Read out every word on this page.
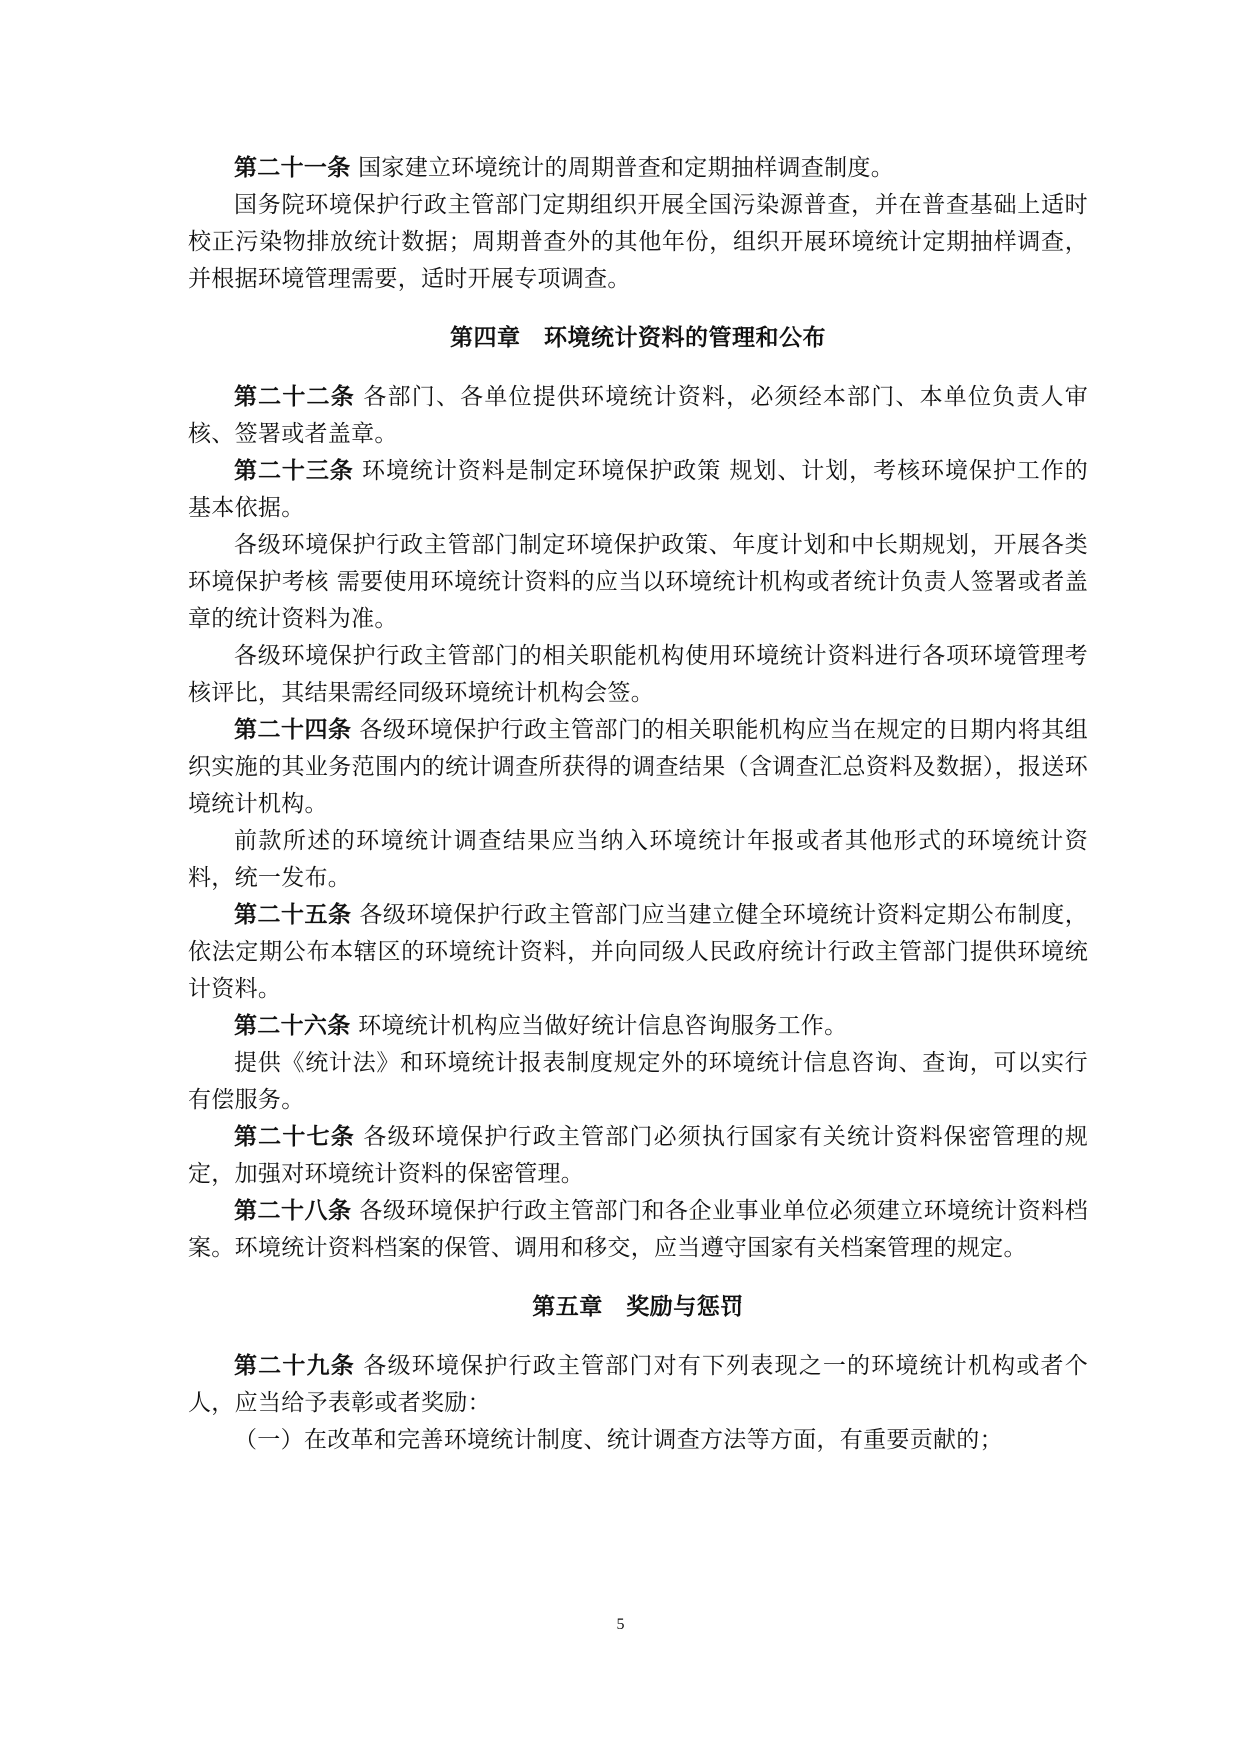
第二十一条 国家建立环境统计的周期普查和定期抽样调查制度。

国务院环境保护行政主管部门定期组织开展全国污染源普查，并在普查基础上适时校正污染物排放统计数据；周期普查外的其他年份，组织开展环境统计定期抽样调查，并根据环境管理需要，适时开展专项调查。

第四章　环境统计资料的管理和公布

第二十二条 各部门、各单位提供环境统计资料，必须经本部门、本单位负责人审核、签署或者盖章。

第二十三条 环境统计资料是制定环境保护政策 规划、计划，考核环境保护工作的基本依据。

各级环境保护行政主管部门制定环境保护政策、年度计划和中长期规划，开展各类环境保护考核 需要使用环境统计资料的应当以环境统计机构或者统计负责人签署或者盖章的统计资料为准。

各级环境保护行政主管部门的相关职能机构使用环境统计资料进行各项环境管理考核评比，其结果需经同级环境统计机构会签。

第二十四条 各级环境保护行政主管部门的相关职能机构应当在规定的日期内将其组织实施的其业务范围内的统计调查所获得的调查结果（含调查汇总资料及数据），报送环境统计机构。

前款所述的环境统计调查结果应当纳入环境统计年报或者其他形式的环境统计资料，统一发布。

第二十五条 各级环境保护行政主管部门应当建立健全环境统计资料定期公布制度，依法定期公布本辖区的环境统计资料，并向同级人民政府统计行政主管部门提供环境统计资料。

第二十六条 环境统计机构应当做好统计信息咨询服务工作。

提供《统计法》和环境统计报表制度规定外的环境统计信息咨询、查询，可以实行有偿服务。

第二十七条 各级环境保护行政主管部门必须执行国家有关统计资料保密管理的规定，加强对环境统计资料的保密管理。

第二十八条 各级环境保护行政主管部门和各企业事业单位必须建立环境统计资料档案。环境统计资料档案的保管、调用和移交，应当遵守国家有关档案管理的规定。

第五章　奖励与惩罚

第二十九条 各级环境保护行政主管部门对有下列表现之一的环境统计机构或者个人，应当给予表彰或者奖励：

（一）在改革和完善环境统计制度、统计调查方法等方面，有重要贡献的；

5
